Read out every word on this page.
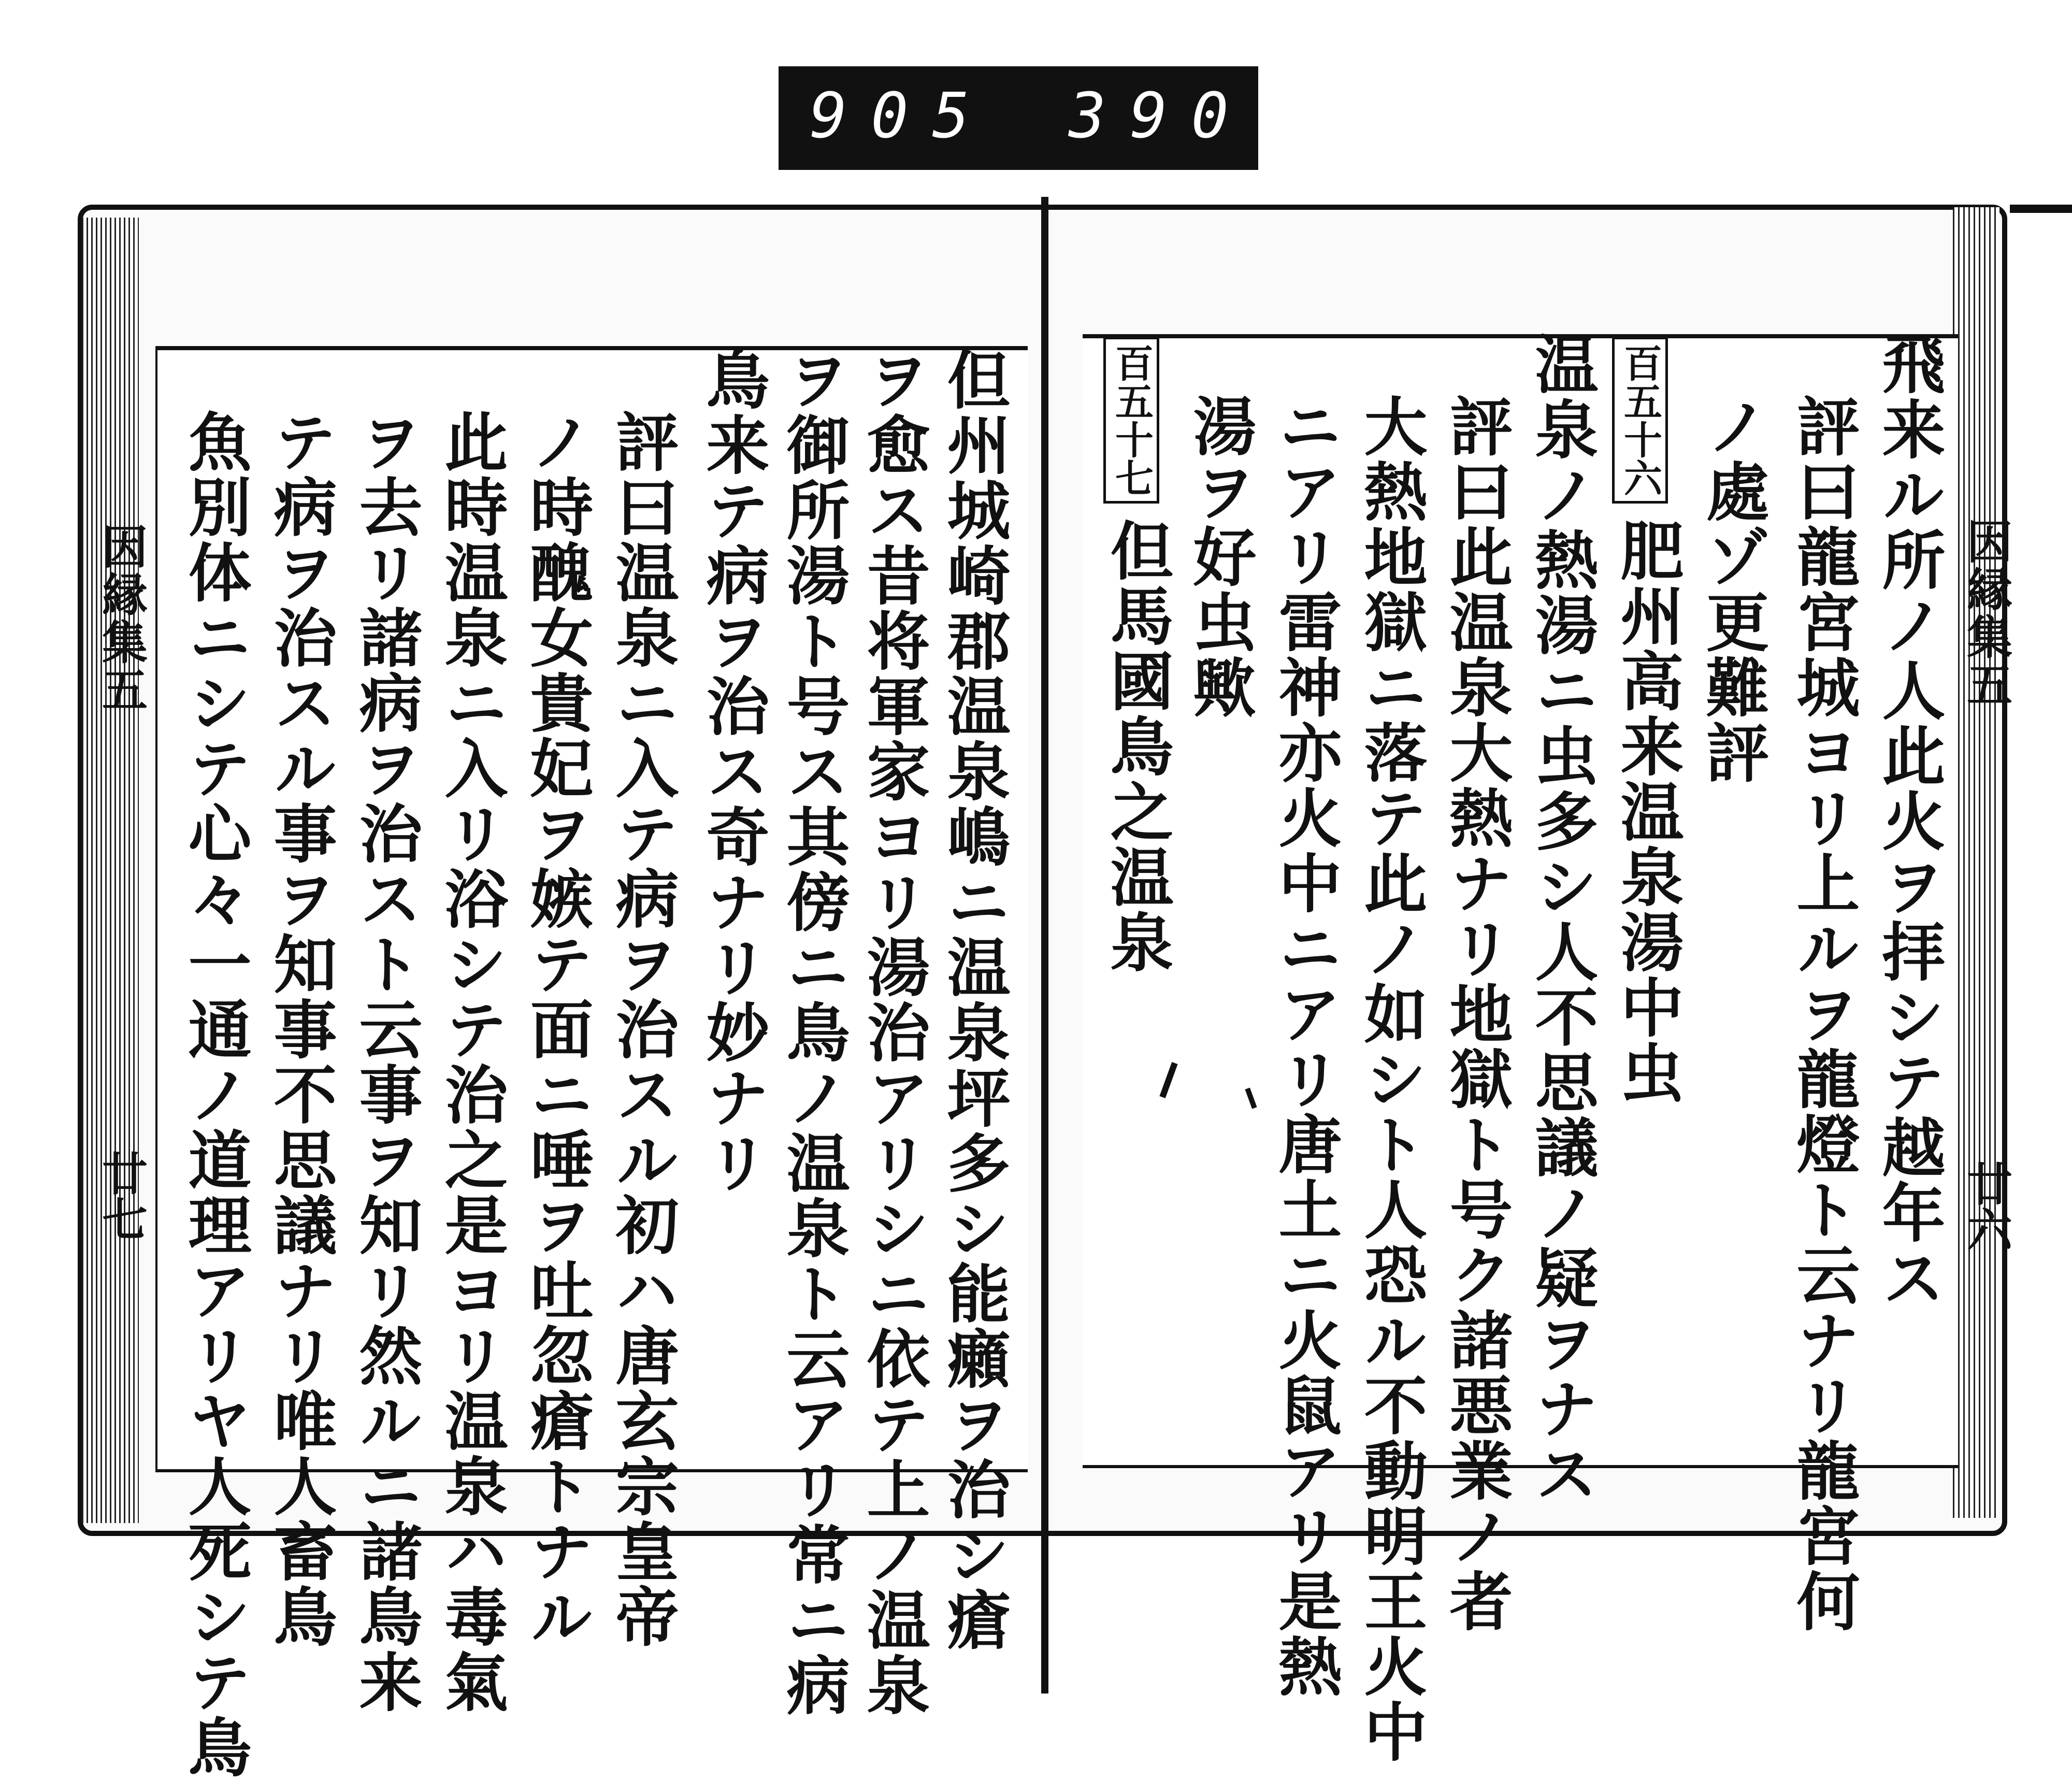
905 390.
因縁集五	因縁集五
廿七	廿六
飛来ル所ノ人此火ヲ拝シテ越年ス
評曰龍宮城ヨリ上ルヲ龍燈ト云ナリ龍宮何
ノ處ゾ更難評
百五十六
肥州高来温泉湯中虫
温泉ノ熱湯ニ虫多シ人不思議ノ疑ヲナス
評曰此温泉大熱ナリ地獄ト号ク諸悪業ノ者
大熱地獄ニ落テ此ノ如シト人恐ル不動明王火中
ニアリ雷神亦火中ニアリ唐土ニ火鼠アリ是熱
湯ヲ好虫歟
百五十七
但馬國鳥之温泉
但州城崎郡温泉嶋ニ温泉坪多シ能癩ヲ治シ瘡
ヲ愈ス昔将軍家ヨリ湯治アリシニ依テ上ノ温泉
ヲ御所湯ト号ス其傍ニ鳥ノ温泉ト云アリ常ニ病
鳥来テ病ヲ治ス奇ナリ妙ナリ
評曰温泉ニ入テ病ヲ治スル初ハ唐玄宗皇帝
ノ時醜女貴妃ヲ嫉テ面ニ唾ヲ吐忽瘡トナル
此時温泉ニ入リ浴シテ治之是ヨリ温泉ハ毒氣
ヲ去リ諸病ヲ治スト云事ヲ知リ然ルニ諸鳥来
テ病ヲ治スル事ヲ知事不思議ナリ唯人畜鳥
魚別体ニシテ心々一通ノ道理アリヤ人死シテ鳥
